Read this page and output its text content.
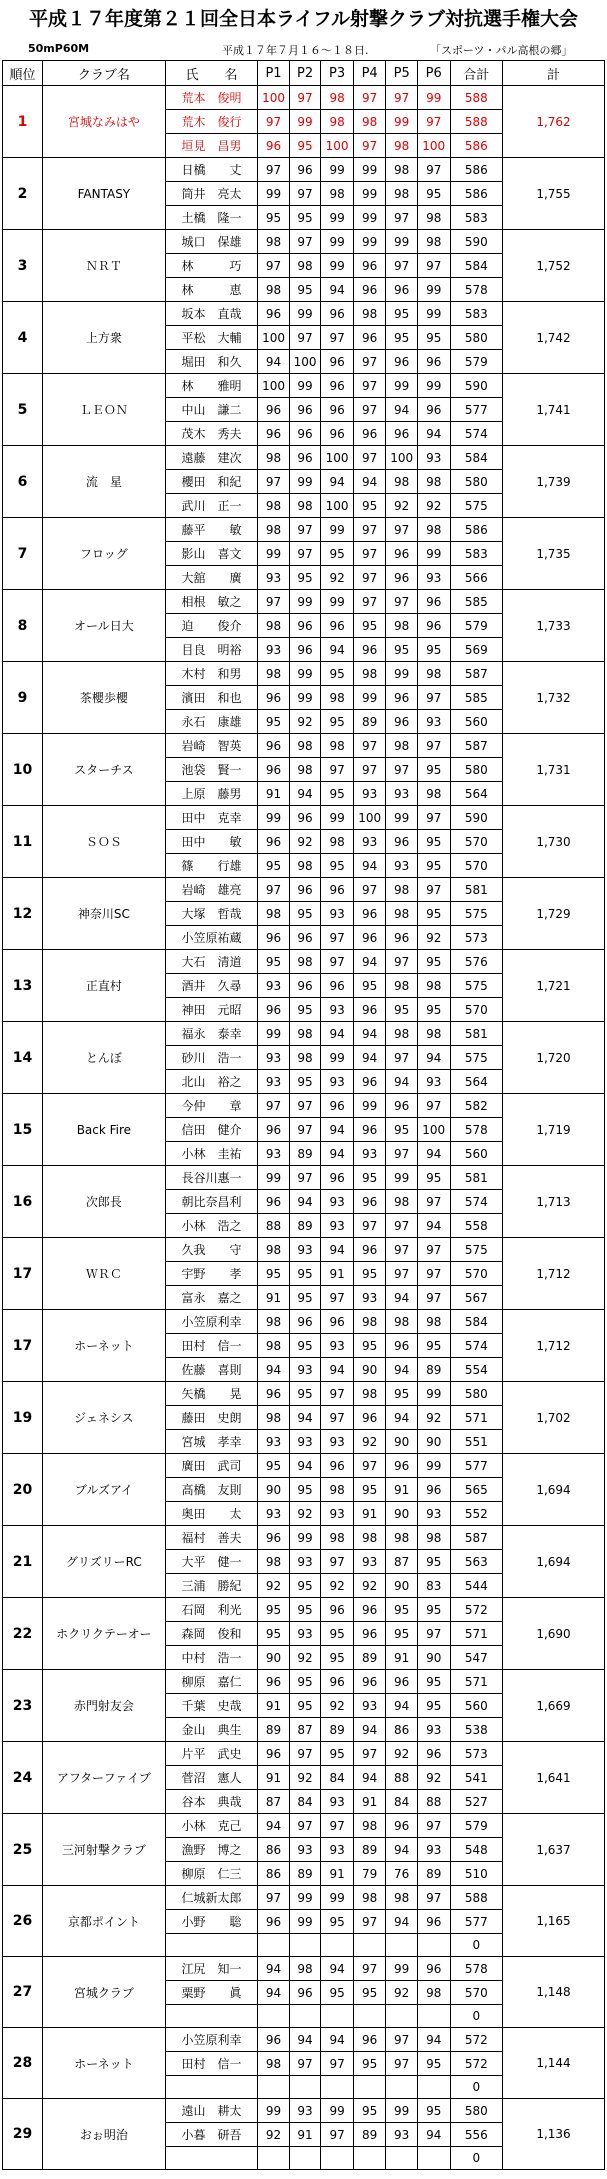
平成１７年度第２１回全日本ライフル射撃クラブ対抗選手権大会
50mP60M	平成１７年７月１６～１８日.	「スポーツ・パル高根の郷」
順位	クラブ名	氏　　名	P1	P2	P3	P4	P5	P6	合計	計
1	宮城なみはや	荒本　俊明	100	97	98	97	97	99	588	1,762
		荒木　俊行	97	99	98	98	99	97	588	
		垣見　昌男	96	95	100	97	98	100	586	
2	FANTASY	日橋　　丈	97	96	99	99	98	97	586	1,755
		筒井　亮太	99	97	98	99	98	95	586	
		土橋　隆一	95	95	99	99	97	98	583	
3	ＮＲＴ	城口　保雄	98	97	99	99	99	98	590	1,752
		林　　　巧	97	98	99	96	97	97	584	
		林　　　恵	98	95	94	96	96	99	578	
4	上方衆	坂本　直哉	96	99	96	98	95	99	583	1,742
		平松　大輔	100	97	97	96	95	95	580	
		堀田　和久	94	100	96	97	96	96	579	
5	ＬＥＯＮ	林　　雅明	100	99	96	97	99	99	590	1,741
		中山　謙二	96	96	96	97	94	96	577	
		茂木　秀夫	96	96	96	96	96	94	574	
6	流　星	遠藤　建次	98	96	100	97	100	93	584	1,739
		櫻田　和紀	97	99	94	94	98	98	580	
		武川　正一	98	98	100	95	92	92	575	
7	フロッグ	藤平　　敏	98	97	99	97	97	98	586	1,735
		影山　喜文	99	97	95	97	96	99	583	
		大舘　　廣	93	95	92	97	96	93	566	
8	オール日大	相根　敏之	97	99	99	97	97	96	585	1,733
		迫　　俊介	98	96	96	95	98	96	579	
		目良　明裕	93	96	94	96	95	95	569	
9	茶櫻歩櫻	木村　和男	98	99	95	98	99	98	587	1,732
		濱田　和也	96	99	98	99	96	97	585	
		永石　康雄	95	92	95	89	96	93	560	
10	スターチス	岩崎　智英	96	98	98	97	98	97	587	1,731
		池袋　賢一	96	98	97	97	97	95	580	
		上原　藤男	91	94	95	93	93	98	564	
11	ＳＯＳ	田中　克幸	99	96	99	100	99	97	590	1,730
		田中　　敏	96	92	98	93	96	95	570	
		篠　　行雄	95	98	95	94	93	95	570	
12	神奈川SC	岩崎　雄亮	97	96	96	97	98	97	581	1,729
		大塚　哲哉	98	95	93	96	98	95	575	
		小笠原祐蔵	96	96	97	96	96	92	573	
13	正直村	大石　清道	95	98	97	94	97	95	576	1,721
		酒井　久尋	93	96	96	95	98	98	575	
		神田　元昭	96	95	93	96	95	95	570	
14	とんぼ	福永　泰幸	99	98	94	94	98	98	581	1,720
		砂川　浩一	93	98	99	94	97	94	575	
		北山　裕之	93	95	93	96	94	93	564	
15	Back Fire	今仲　　章	97	97	96	99	96	97	582	1,719
		信田　健介	96	97	94	96	95	100	578	
		小林　圭祐	93	89	94	93	97	94	560	
16	次郎長	長谷川惠一	99	97	96	95	99	95	581	1,713
		朝比奈昌利	96	94	93	96	98	97	574	
		小林　浩之	88	89	93	97	97	94	558	
17	ＷＲＣ	久我　　守	98	93	94	96	97	97	575	1,712
		宇野　　孝	95	95	91	95	97	97	570	
		富永　嘉之	91	95	97	93	94	97	567	
17	ホーネット	小笠原利幸	98	96	96	98	98	98	584	1,712
		田村　信一	98	95	93	95	96	95	574	
		佐藤　喜則	94	93	94	90	94	89	554	
19	ジェネシス	矢橋　　晃	96	95	97	98	95	99	580	1,702
		藤田　史朗	98	94	97	96	94	92	571	
		宮城　孝幸	93	93	93	92	90	90	551	
20	ブルズアイ	廣田　武司	95	94	96	97	96	99	577	1,694
		高橋　友則	90	95	98	95	91	96	565	
		奥田　　太	93	92	93	91	90	93	552	
21	グリズリーRC	福村　善夫	96	99	98	98	98	98	587	1,694
		大平　健一	98	93	97	93	87	95	563	
		三浦　勝紀	92	95	92	92	90	83	544	
22	ホクリクテーオー	石岡　利光	95	95	96	96	95	95	572	1,690
		森岡　俊和	95	93	95	96	95	97	571	
		中村　浩一	90	92	95	89	91	90	547	
23	赤門射友会	柳原　嘉仁	96	95	96	96	96	95	571	1,669
		千葉　史哉	91	95	92	93	94	95	560	
		金山　典生	89	87	89	94	86	93	538	
24	アフターファイブ	片平　武史	96	97	95	97	92	96	573	1,641
		菅沼　憲人	91	92	84	94	88	92	541	
		谷本　典哉	87	84	93	91	84	88	527	
25	三河射撃クラブ	小林　克己	94	97	97	98	96	97	579	1,637
		漁野　博之	86	93	93	89	94	93	548	
		柳原　仁三	86	89	91	79	76	89	510	
26	京都ポイント	仁城新太郎	97	99	99	98	98	97	588	1,165
		小野　　聡	96	99	95	97	94	96	577	
									0	
27	宮城クラブ	江尻　知一	94	98	94	97	99	96	578	1,148
		粟野　　眞	94	96	95	95	92	98	570	
									0	
28	ホーネット	小笠原利幸	96	94	94	96	97	94	572	1,144
		田村　信一	98	97	97	95	97	95	572	
									0	
29	おぉ明治	遠山　耕太	99	93	99	95	99	95	580	1,136
		小暮　研吾	92	91	97	89	93	94	556	
									0	
